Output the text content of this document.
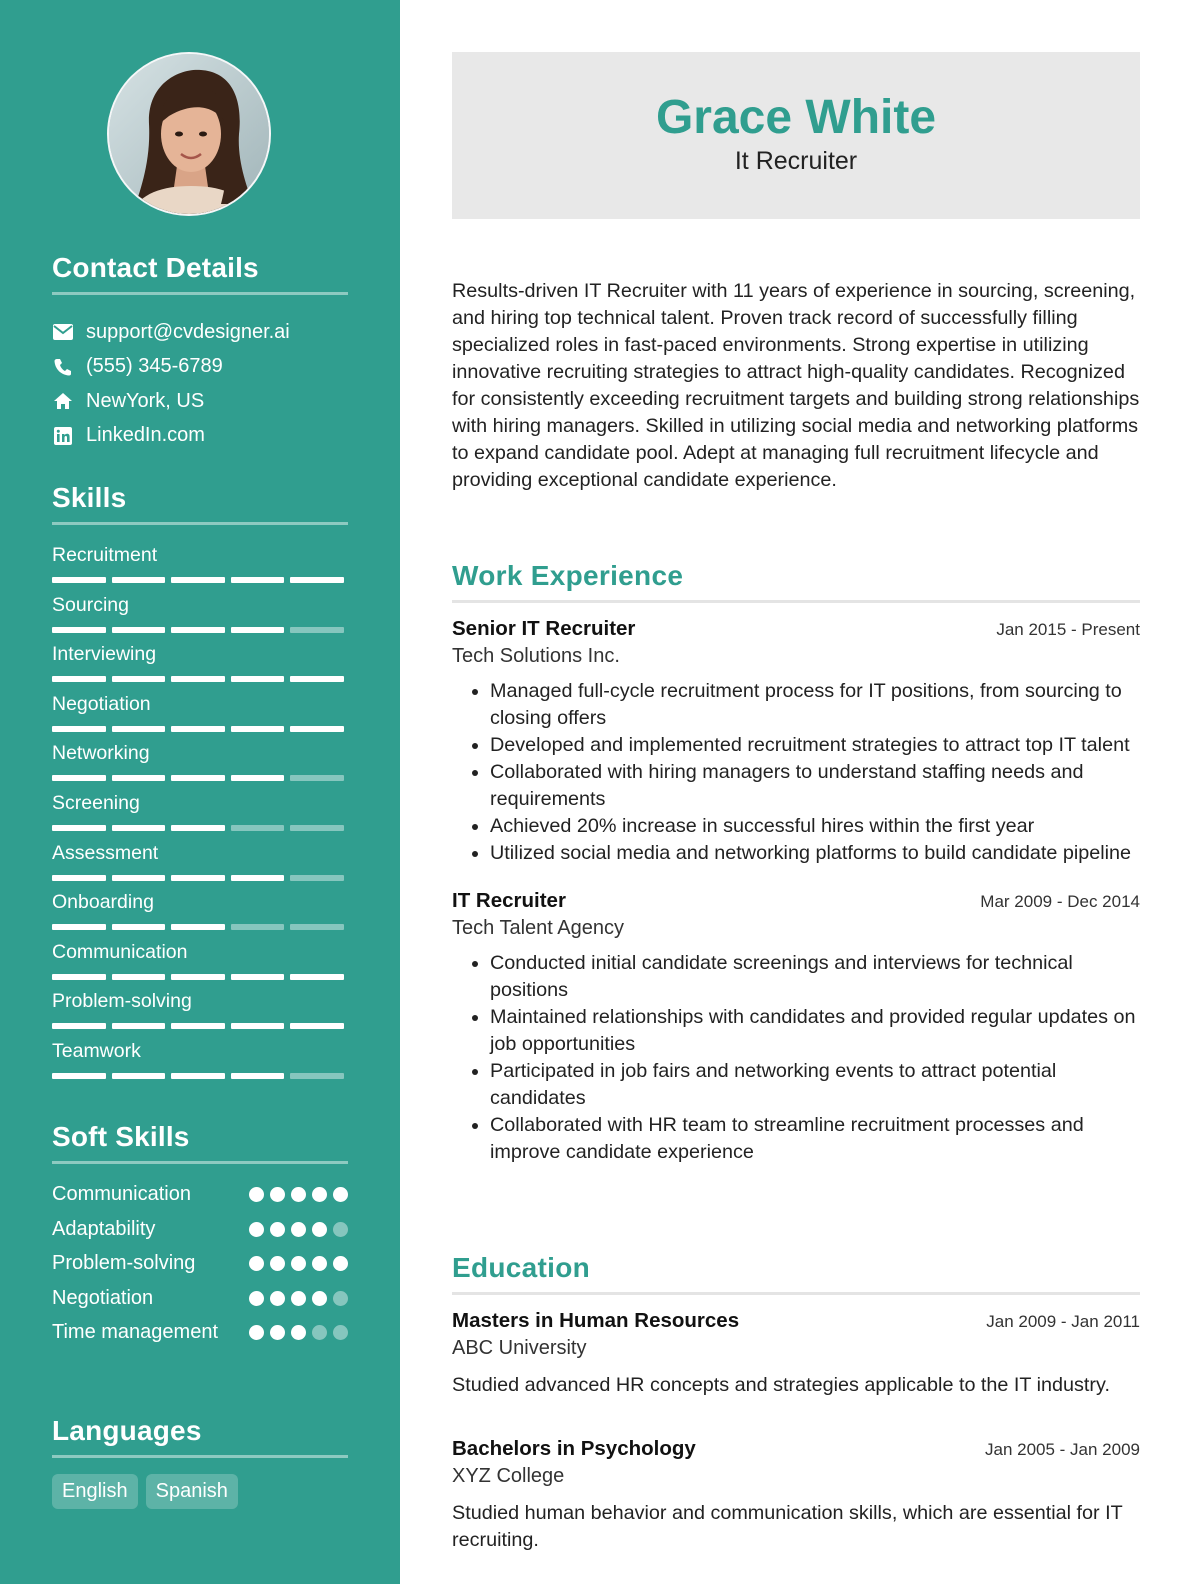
Contact Details
support@cvdesigner.ai
(555) 345-6789
NewYork, US
LinkedIn.com
Skills
Recruitment
Sourcing
Interviewing
Negotiation
Networking
Screening
Assessment
Onboarding
Communication
Problem-solving
Teamwork
Soft Skills
Communication
Adaptability
Problem-solving
Negotiation
Time management
Languages
English	Spanish
Grace White
It Recruiter
Results-driven IT Recruiter with 11 years of experience in sourcing, screening, and hiring top technical talent. Proven track record of successfully filling specialized roles in fast-paced environments. Strong expertise in utilizing innovative recruiting strategies to attract high-quality candidates. Recognized for consistently exceeding recruitment targets and building strong relationships with hiring managers. Skilled in utilizing social media and networking platforms to expand candidate pool. Adept at managing full recruitment lifecycle and providing exceptional candidate experience.
Work Experience
Senior IT Recruiter	Jan 2015 - Present
Tech Solutions Inc.
• Managed full-cycle recruitment process for IT positions, from sourcing to closing offers
• Developed and implemented recruitment strategies to attract top IT talent
• Collaborated with hiring managers to understand staffing needs and requirements
• Achieved 20% increase in successful hires within the first year
• Utilized social media and networking platforms to build candidate pipeline
IT Recruiter	Mar 2009 - Dec 2014
Tech Talent Agency
• Conducted initial candidate screenings and interviews for technical positions
• Maintained relationships with candidates and provided regular updates on job opportunities
• Participated in job fairs and networking events to attract potential candidates
• Collaborated with HR team to streamline recruitment processes and improve candidate experience
Education
Masters in Human Resources	Jan 2009 - Jan 2011
ABC University
Studied advanced HR concepts and strategies applicable to the IT industry.
Bachelors in Psychology	Jan 2005 - Jan 2009
XYZ College
Studied human behavior and communication skills, which are essential for IT recruiting.
